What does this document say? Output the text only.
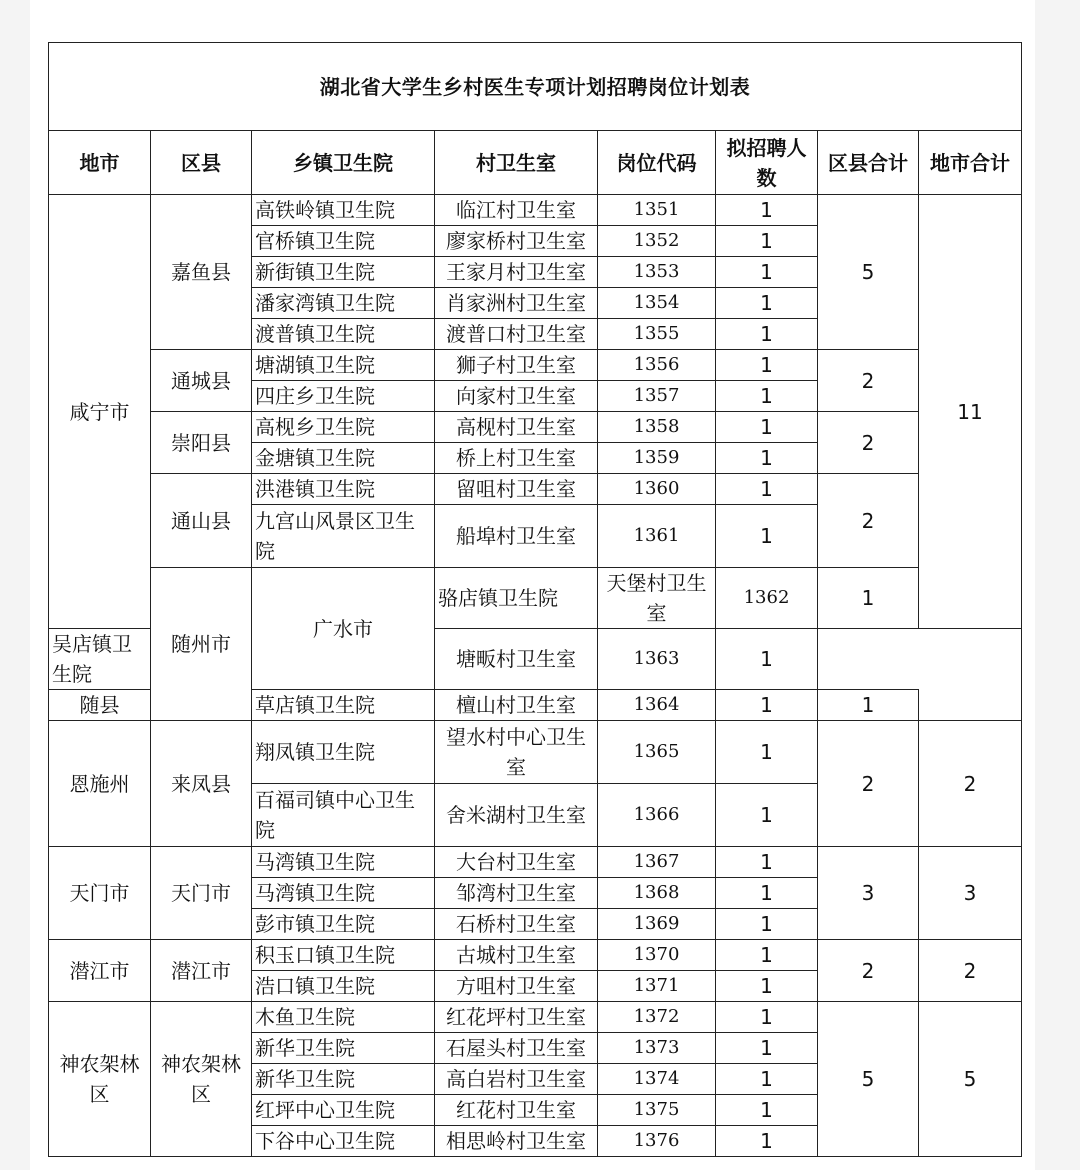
湖北省大学生乡村医生专项计划招聘岗位计划表								
地市	区县	乡镇卫生院	村卫生室	岗位代码	拟招聘人数	区县合计	地市合计	
咸宁市	嘉鱼县	高铁岭镇卫生院	临江村卫生室	1351	1	5	11	
		官桥镇卫生院	廖家桥村卫生室	1352	1			
		新街镇卫生院	王家月村卫生室	1353	1			
		潘家湾镇卫生院	肖家洲村卫生室	1354	1			
		渡普镇卫生院	渡普口村卫生室	1355	1			
	通城县	塘湖镇卫生院	狮子村卫生室	1356	1	2		
		四庄乡卫生院	向家村卫生室	1357	1			
	崇阳县	高枧乡卫生院	高枧村卫生室	1358	1	2		
		金塘镇卫生院	桥上村卫生室	1359	1			
	通山县	洪港镇卫生院	留咀村卫生室	1360	1	2		
		九宫山风景区卫生院	船埠村卫生室	1361	1			
	随州市	广水市	骆店镇卫生院	天堡村卫生室	1362	1		
吴店镇卫生院			塘畈村卫生室	1363	1			
随县		草店镇卫生院	檀山村卫生室	1364	1	1		
恩施州	来凤县	翔凤镇卫生院	望水村中心卫生室	1365	1	2	2	
		百福司镇中心卫生院	舍米湖村卫生室	1366	1			
天门市	天门市	马湾镇卫生院	大台村卫生室	1367	1	3	3	
		马湾镇卫生院	邹湾村卫生室	1368	1			
		彭市镇卫生院	石桥村卫生室	1369	1			
潜江市	潜江市	积玉口镇卫生院	古城村卫生室	1370	1	2	2	
		浩口镇卫生院	方咀村卫生室	1371	1			
神农架林区	神农架林区	木鱼卫生院	红花坪村卫生室	1372	1	5	5	
		新华卫生院	石屋头村卫生室	1373	1			
		新华卫生院	高白岩村卫生室	1374	1			
		红坪中心卫生院	红花村卫生室	1375	1			
		下谷中心卫生院	相思岭村卫生室	1376	1			
